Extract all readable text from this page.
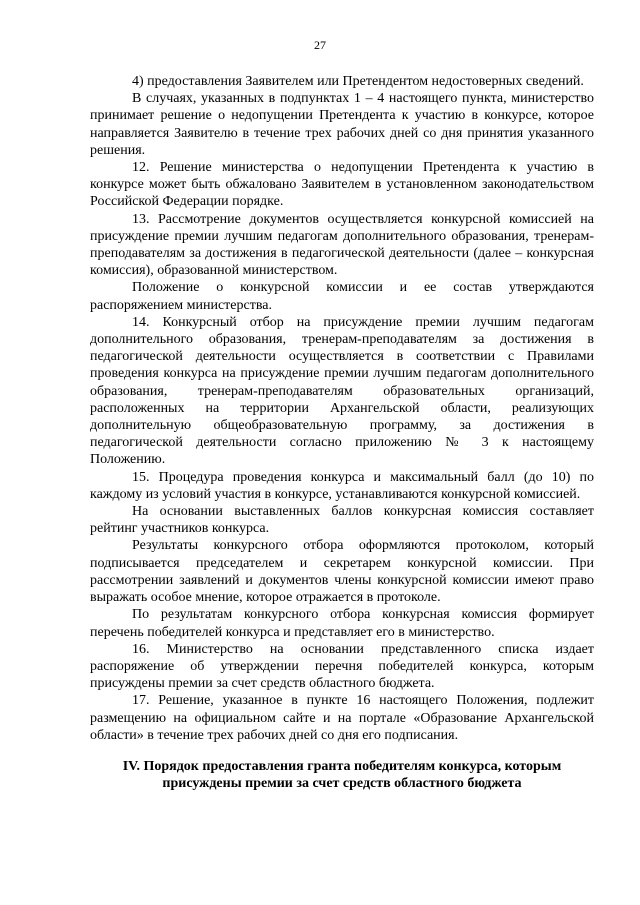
27

4) предоставления Заявителем или Претендентом недостоверных сведений.

В случаях, указанных в подпунктах 1 – 4 настоящего пункта, министерство принимает решение о недопущении Претендента к участию в конкурсе, которое направляется Заявителю в течение трех рабочих дней со дня принятия указанного решения.

12. Решение министерства о недопущении Претендента к участию в конкурсе может быть обжаловано Заявителем в установленном законодательством Российской Федерации порядке.

13. Рассмотрение документов осуществляется конкурсной комиссией на присуждение премии лучшим педагогам дополнительного образования, тренерам-преподавателям за достижения в педагогической деятельности (далее – конкурсная комиссия), образованной министерством.

Положение о конкурсной комиссии и ее состав утверждаются распоряжением министерства.

14. Конкурсный отбор на присуждение премии лучшим педагогам дополнительного образования, тренерам-преподавателям за достижения в педагогической деятельности осуществляется в соответствии с Правилами проведения конкурса на присуждение премии лучшим педагогам дополнительного образования, тренерам-преподавателям образовательных организаций, расположенных на территории Архангельской области, реализующих дополнительную общеобразовательную программу, за достижения в педагогической деятельности согласно приложению № 3 к настоящему Положению.

15. Процедура проведения конкурса и максимальный балл (до 10) по каждому из условий участия в конкурсе, устанавливаются конкурсной комиссией.

На основании выставленных баллов конкурсная комиссия составляет рейтинг участников конкурса.

Результаты конкурсного отбора оформляются протоколом, который подписывается председателем и секретарем конкурсной комиссии. При рассмотрении заявлений и документов члены конкурсной комиссии имеют право выражать особое мнение, которое отражается в протоколе.

По результатам конкурсного отбора конкурсная комиссия формирует перечень победителей конкурса и представляет его в министерство.

16. Министерство на основании представленного списка издает распоряжение об утверждении перечня победителей конкурса, которым присуждены премии за счет средств областного бюджета.

17. Решение, указанное в пункте 16 настоящего Положения, подлежит размещению на официальном сайте и на портале «Образование Архангельской области» в течение трех рабочих дней со дня его подписания.

IV. Порядок предоставления гранта победителям конкурса, которым присуждены премии за счет средств областного бюджета
